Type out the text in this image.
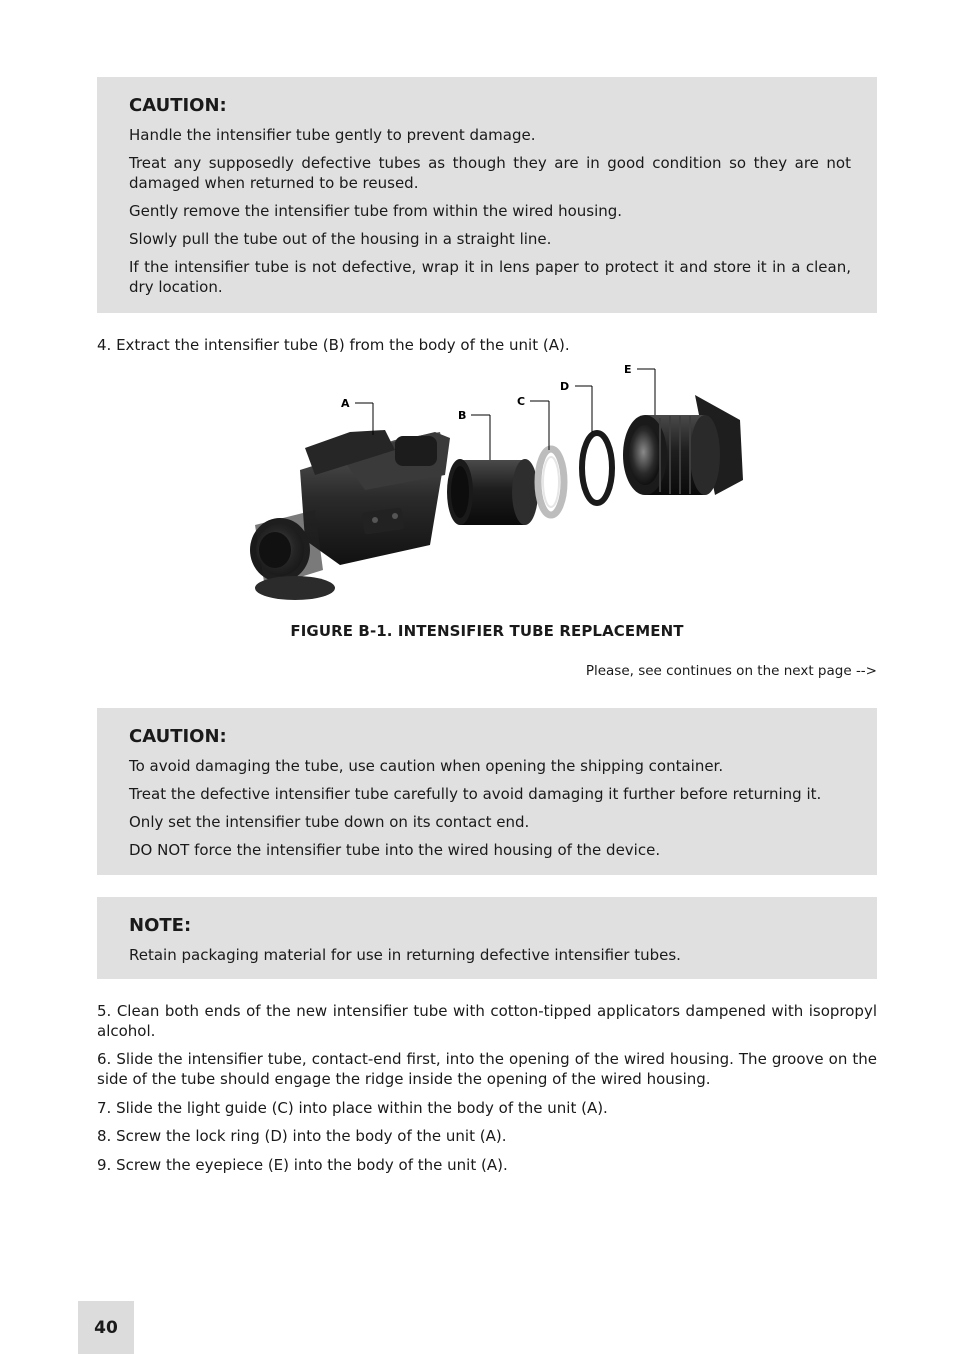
CAUTION:

Handle the intensifier tube gently to prevent damage.

Treat any supposedly defective tubes as though they are in good condition so they are not damaged when returned to be reused.

Gently remove the intensifier tube from within the wired housing.

Slowly pull the tube out of the housing in a straight line.

If the intensifier tube is not defective, wrap it in lens paper to protect it and store it in a clean, dry location.

4. Extract the intensifier tube (B) from the body of the unit (A).

A
B
C
D
E
FIGURE B-1. INTENSIFIER TUBE REPLACEMENT
Please, see continues on the next page -->
CAUTION:

To avoid damaging the tube, use caution when opening the shipping container.

Treat the defective intensifier tube carefully to avoid damaging it further before returning it.

Only set the intensifier tube down on its contact end.

DO NOT force the intensifier tube into the wired housing of the device.

NOTE:

Retain packaging material for use in returning defective intensifier tubes.

5. Clean both ends of the new intensifier tube with cotton-tipped applicators dampened with isopropyl alcohol.

6. Slide the intensifier tube, contact-end first, into the opening of the wired housing. The groove on the side of the tube should engage the ridge inside the opening of the wired housing.

7. Slide the light guide (C) into place within the body of the unit (A).

8. Screw the lock ring (D) into the body of the unit (A).

9. Screw the eyepiece (E) into the body of the unit (A).

40
